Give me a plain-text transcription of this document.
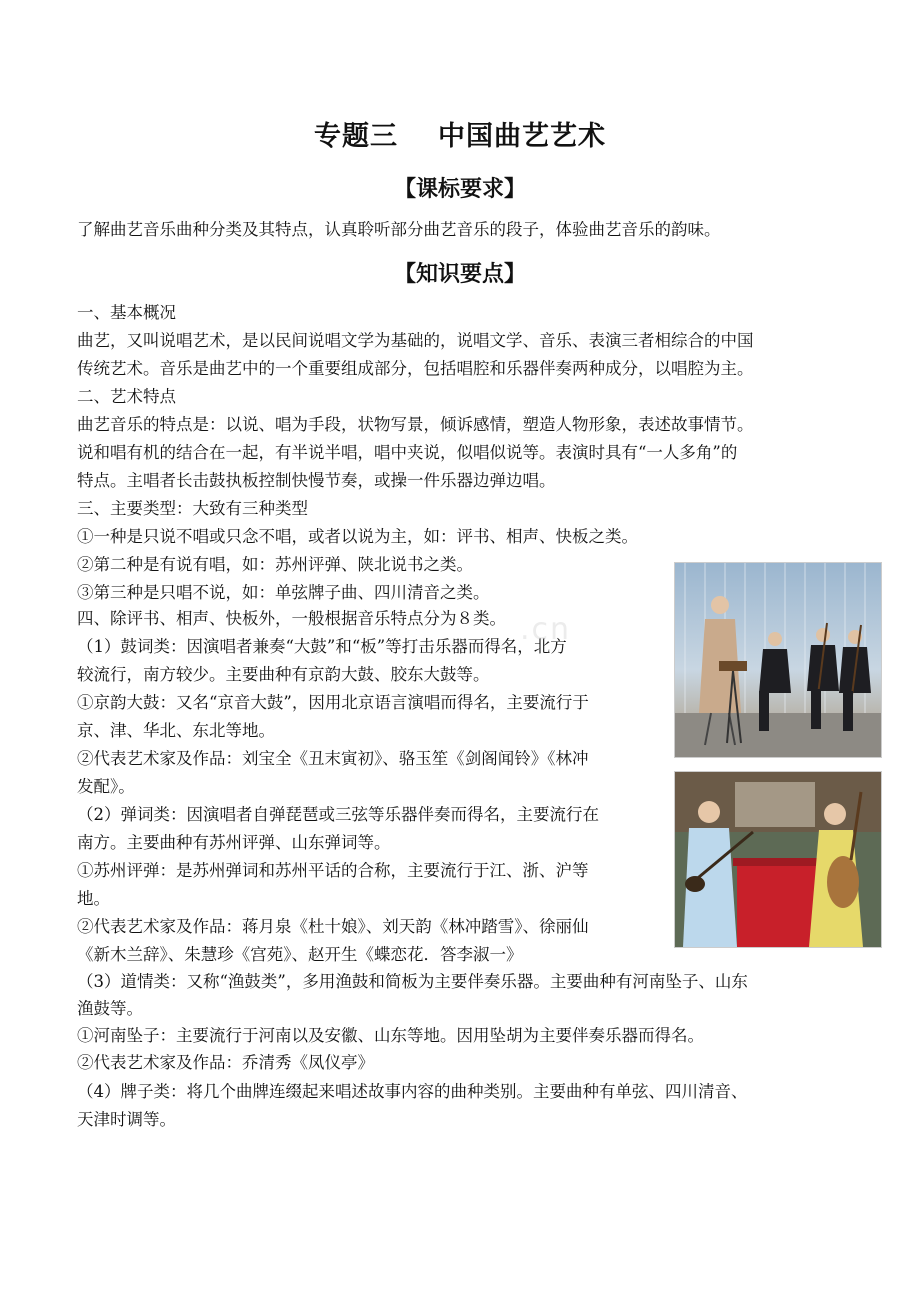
专题三 中国曲艺艺术
【课标要求】
了解曲艺音乐曲种分类及其特点，认真聆听部分曲艺音乐的段子，体验曲艺音乐的韵味。
【知识要点】
一、基本概况
曲艺，又叫说唱艺术，是以民间说唱文学为基础的，说唱文学、音乐、表演三者相综合的中国
传统艺术。音乐是曲艺中的一个重要组成部分，包括唱腔和乐器伴奏两种成分，以唱腔为主。
二、艺术特点
曲艺音乐的特点是：以说、唱为手段，状物写景，倾诉感情，塑造人物形象，表述故事情节。
说和唱有机的结合在一起，有半说半唱，唱中夹说，似唱似说等。表演时具有“一人多角”的
特点。主唱者长击鼓执板控制快慢节奏，或操一件乐器边弹边唱。
三、主要类型：大致有三种类型
①一种是只说不唱或只念不唱，或者以说为主，如：评书、相声、快板之类。
②第二种是有说有唱，如：苏州评弹、陕北说书之类。
③第三种是只唱不说，如：单弦牌子曲、四川清音之类。
四、除评书、相声、快板外，一般根据音乐特点分为８类。
（1）鼓词类：因演唱者兼奏“大鼓”和“板”等打击乐器而得名，北方
较流行，南方较少。主要曲种有京韵大鼓、胶东大鼓等。
①京韵大鼓：又名“京音大鼓”，因用北京语言演唱而得名，主要流行于
京、津、华北、东北等地。
②代表艺术家及作品：刘宝全《丑末寅初》、骆玉笙《剑阁闻铃》《林冲
发配》。
（2）弹词类：因演唱者自弹琵琶或三弦等乐器伴奏而得名，主要流行在
南方。主要曲种有苏州评弹、山东弹词等。
①苏州评弹：是苏州弹词和苏州平话的合称，主要流行于江、浙、沪等
地。
②代表艺术家及作品：蒋月泉《杜十娘》、刘天韵《林冲踏雪》、徐丽仙
《新木兰辞》、朱慧珍《宫苑》、赵开生《蝶恋花．答李淑一》
（3）道情类：又称“渔鼓类”，多用渔鼓和简板为主要伴奏乐器。主要曲种有河南坠子、山东
渔鼓等。
①河南坠子：主要流行于河南以及安徽、山东等地。因用坠胡为主要伴奏乐器而得名。
②代表艺术家及作品：乔清秀《凤仪亭》
（4）牌子类：将几个曲牌连缀起来唱述故事内容的曲种类别。主要曲种有单弦、四川清音、
天津时调等。
.cn
